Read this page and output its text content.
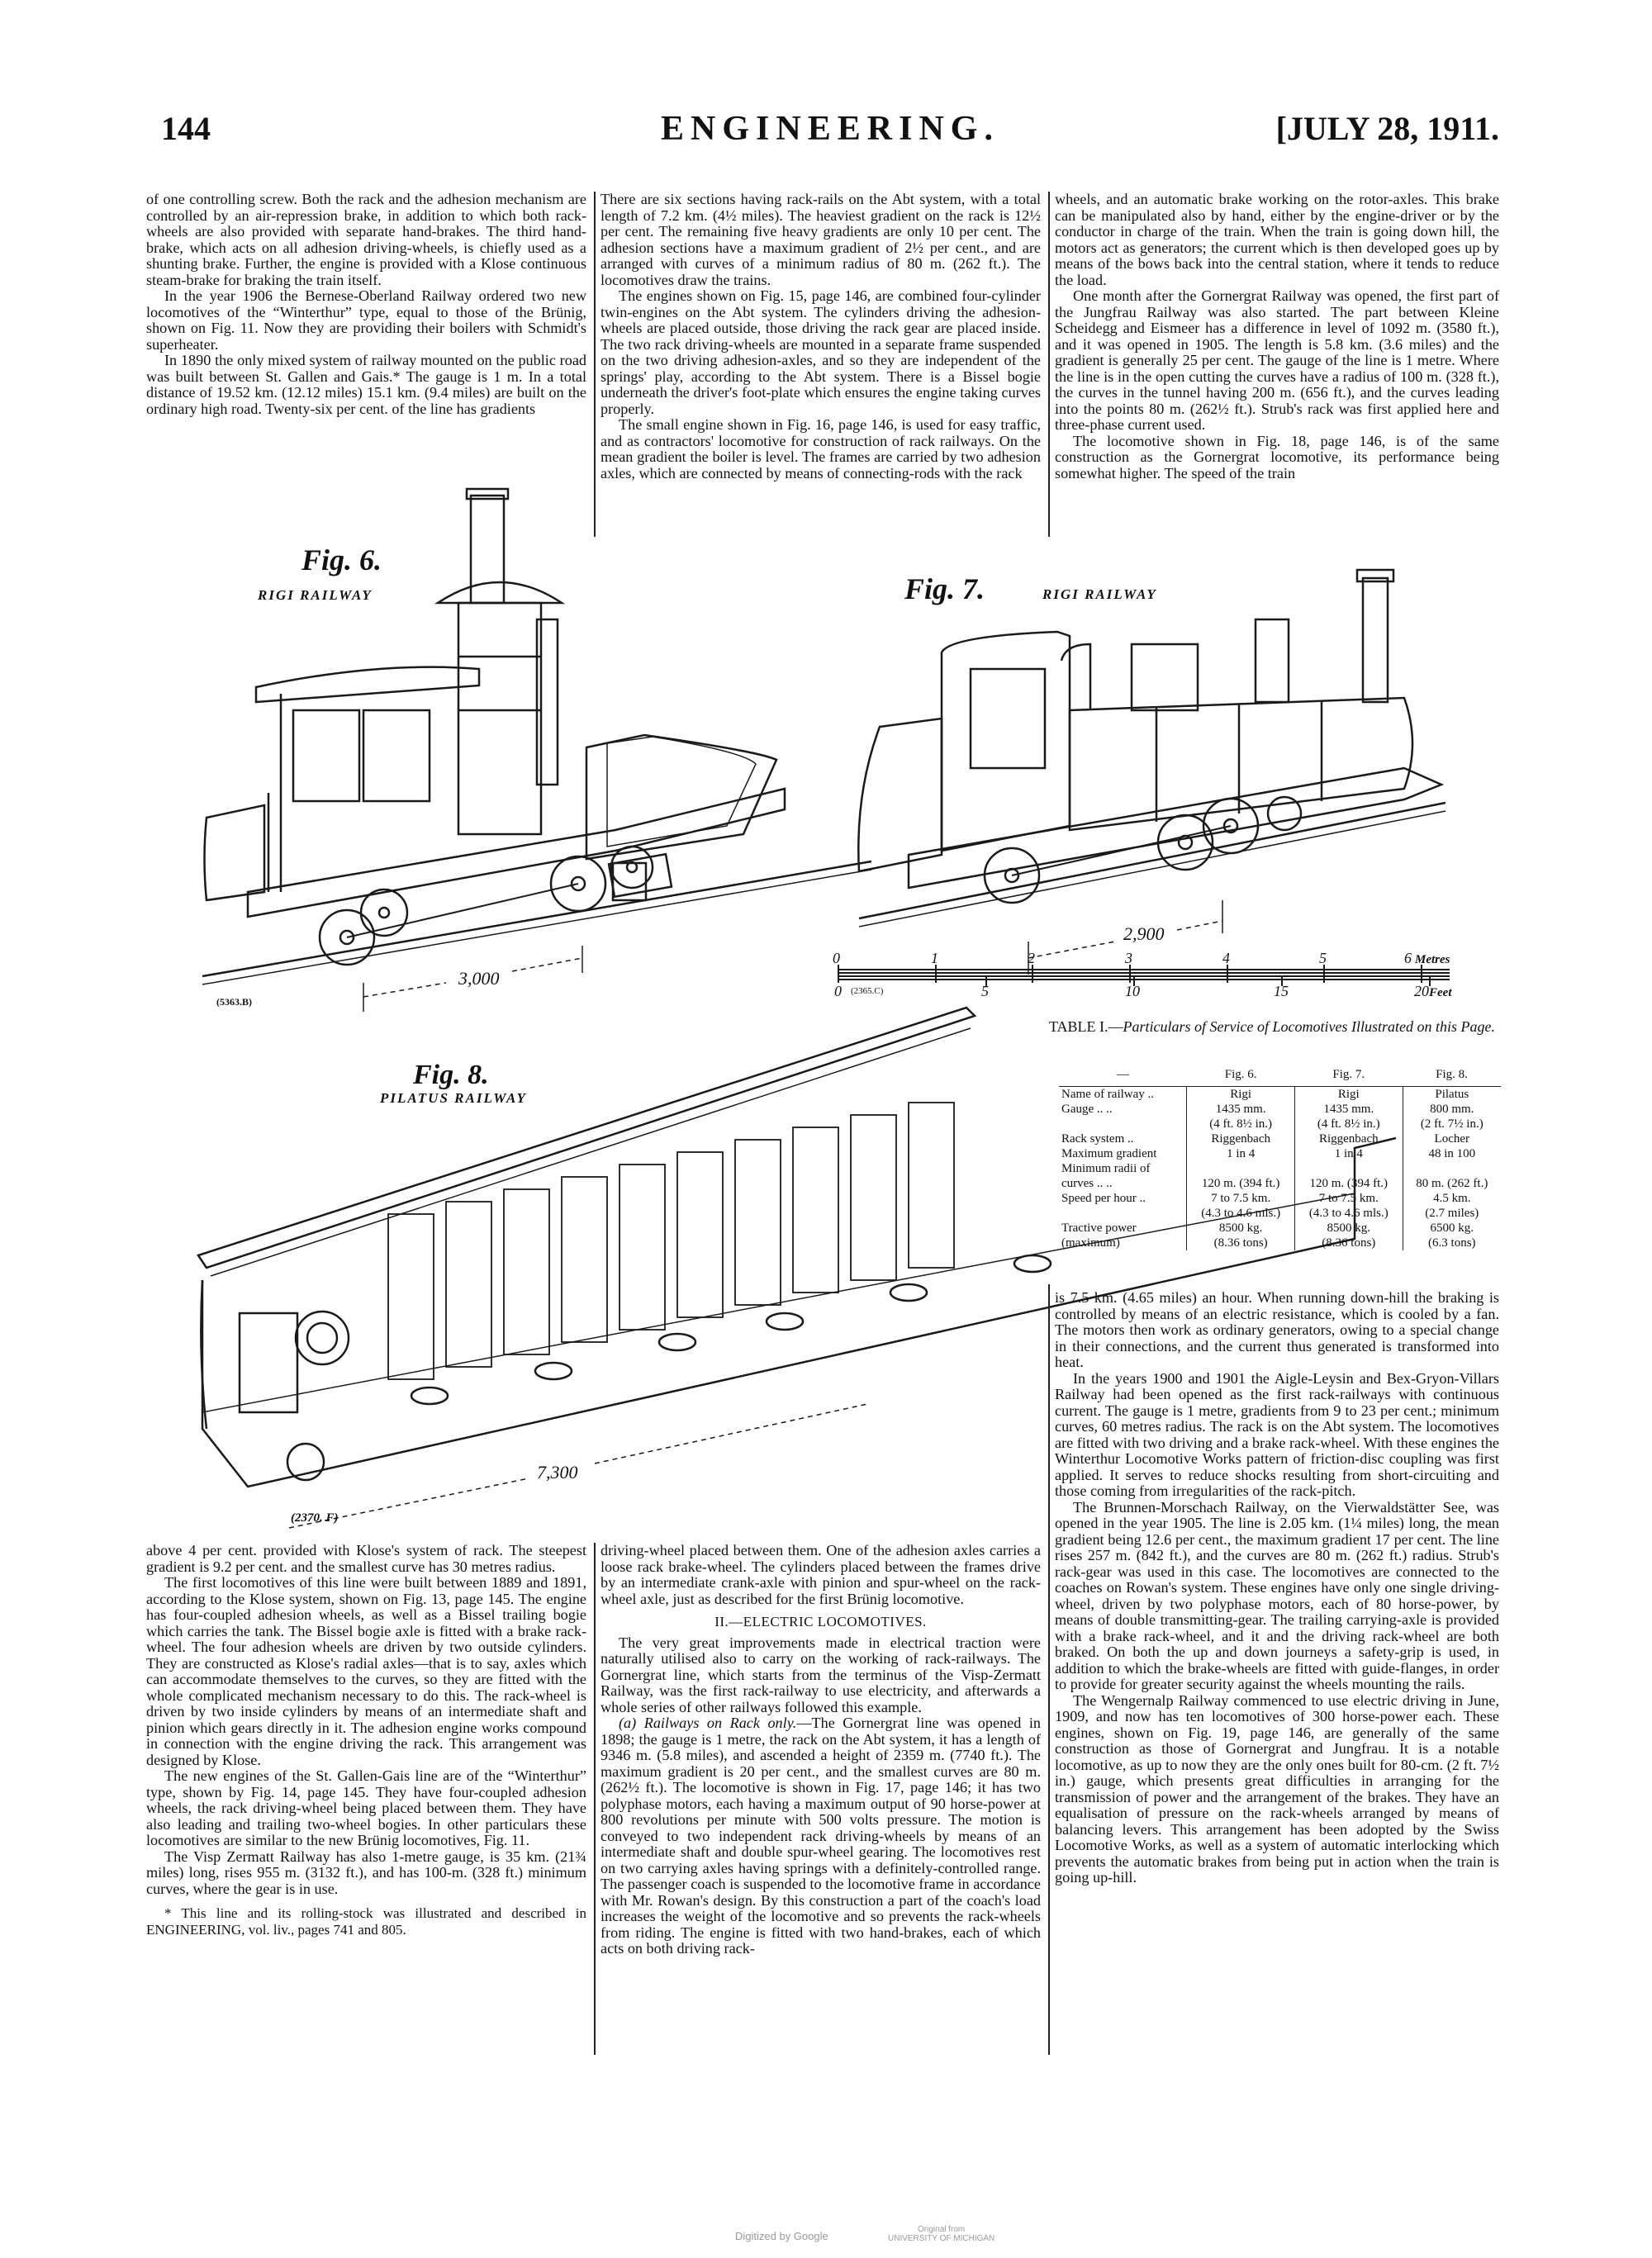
144	ENGINEERING.	[JULY 28, 1911.

of one controlling screw. Both the rack and the adhesion mechanism are controlled by an air-repression brake, in addition to which both rack-wheels are also provided with separate hand-brakes. The third hand-brake, which acts on all adhesion driving-wheels, is chiefly used as a shunting brake. Further, the engine is provided with a Klose continuous steam-brake for braking the train itself.

In the year 1906 the Bernese-Oberland Railway ordered two new locomotives of the “Winterthur” type, equal to those of the Brünig, shown on Fig. 11. Now they are providing their boilers with Schmidt's superheater.

In 1890 the only mixed system of railway mounted on the public road was built between St. Gallen and Gais.* The gauge is 1 m. In a total distance of 19.52 km. (12.12 miles) 15.1 km. (9.4 miles) are built on the ordinary high road. Twenty-six per cent. of the line has gradients

There are six sections having rack-rails on the Abt system, with a total length of 7.2 km. (4½ miles). The heaviest gradient on the rack is 12½ per cent. The remaining five heavy gradients are only 10 per cent. The adhesion sections have a maximum gradient of 2½ per cent., and are arranged with curves of a minimum radius of 80 m. (262 ft.). The locomotives draw the trains.

The engines shown on Fig. 15, page 146, are combined four-cylinder twin-engines on the Abt system. The cylinders driving the adhesion-wheels are placed outside, those driving the rack gear are placed inside. The two rack driving-wheels are mounted in a separate frame suspended on the two driving adhesion-axles, and so they are independent of the springs' play, according to the Abt system. There is a Bissel bogie underneath the driver's foot-plate which ensures the engine taking curves properly.

The small engine shown in Fig. 16, page 146, is used for easy traffic, and as contractors' locomotive for construction of rack railways. On the mean gradient the boiler is level. The frames are carried by two adhesion axles, which are connected by means of connecting-rods with the rack

wheels, and an automatic brake working on the rotor-axles. This brake can be manipulated also by hand, either by the engine-driver or by the conductor in charge of the train. When the train is going down hill, the motors act as generators; the current which is then developed goes up by means of the bows back into the central station, where it tends to reduce the load.

One month after the Gornergrat Railway was opened, the first part of the Jungfrau Railway was also started. The part between Kleine Scheidegg and Eismeer has a difference in level of 1092 m. (3580 ft.), and it was opened in 1905. The length is 5.8 km. (3.6 miles) and the gradient is generally 25 per cent. The gauge of the line is 1 metre. Where the line is in the open cutting the curves have a radius of 100 m. (328 ft.), the curves in the tunnel having 200 m. (656 ft.), and the curves leading into the points 80 m. (262½ ft.). Strub's rack was first applied here and three-phase current used.

The locomotive shown in Fig. 18, page 146, is of the same construction as the Gornergrat locomotive, its performance being somewhat higher. The speed of the train

Fig. 6.
RIGI RAILWAY
3,000
(5363.B)
Fig. 7.	RIGI RAILWAY
2,900
0	1	2	3	4	5	6 Metres
0	5	10	15	20 Feet
(2365.C)
Fig. 8.
PILATUS RAILWAY
7,300
(2370. F)
TABLE I.—Particulars of Service of Locomotives Illustrated on this Page.
—	Fig. 6.	Fig. 7.	Fig. 8.
Name of railway ..	Rigi	Rigi	Pilatus
Gauge .. ..	1435 mm.	1435 mm.	800 mm.
	(4 ft. 8½ in.)	(4 ft. 8½ in.)	(2 ft. 7½ in.)
Rack system ..	Riggenbach	Riggenbach	Locher
Maximum gradient	1 in 4	1 in 4	48 in 100
Minimum radii of			
curves .. ..	120 m. (394 ft.)	120 m. (394 ft.)	80 m. (262 ft.)
Speed per hour ..	7 to 7.5 km.	7 to 7.5 km.	4.5 km.
	(4.3 to 4.6 mls.)	(4.3 to 4.6 mls.)	(2.7 miles)
Tractive power	8500 kg.	8500 kg.	6500 kg.
(maximum)	(8.36 tons)	(8.36 tons)	(6.3 tons)

above 4 per cent. provided with Klose's system of rack. The steepest gradient is 9.2 per cent. and the smallest curve has 30 metres radius.

The first locomotives of this line were built between 1889 and 1891, according to the Klose system, shown on Fig. 13, page 145. The engine has four-coupled adhesion wheels, as well as a Bissel trailing bogie which carries the tank. The Bissel bogie axle is fitted with a brake rack-wheel. The four adhesion wheels are driven by two outside cylinders. They are constructed as Klose's radial axles—that is to say, axles which can accommodate themselves to the curves, so they are fitted with the whole complicated mechanism necessary to do this. The rack-wheel is driven by two inside cylinders by means of an intermediate shaft and pinion which gears directly in it. The adhesion engine works compound in connection with the engine driving the rack. This arrangement was designed by Klose.

The new engines of the St. Gallen-Gais line are of the “Winterthur” type, shown by Fig. 14, page 145. They have four-coupled adhesion wheels, the rack driving-wheel being placed between them. They have also leading and trailing two-wheel bogies. In other particulars these locomotives are similar to the new Brünig locomotives, Fig. 11.

The Visp Zermatt Railway has also 1-metre gauge, is 35 km. (21¾ miles) long, rises 955 m. (3132 ft.), and has 100-m. (328 ft.) minimum curves, where the gear is in use.

* This line and its rolling-stock was illustrated and described in ENGINEERING, vol. liv., pages 741 and 805.

driving-wheel placed between them. One of the adhesion axles carries a loose rack brake-wheel. The cylinders placed between the frames drive by an intermediate crank-axle with pinion and spur-wheel on the rack-wheel axle, just as described for the first Brünig locomotive.

II.—ELECTRIC LOCOMOTIVES.

The very great improvements made in electrical traction were naturally utilised also to carry on the working of rack-railways. The Gornergrat line, which starts from the terminus of the Visp-Zermatt Railway, was the first rack-railway to use electricity, and afterwards a whole series of other railways followed this example.

(a) Railways on Rack only.—The Gornergrat line was opened in 1898; the gauge is 1 metre, the rack on the Abt system, it has a length of 9346 m. (5.8 miles), and ascended a height of 2359 m. (7740 ft.). The maximum gradient is 20 per cent., and the smallest curves are 80 m. (262½ ft.). The locomotive is shown in Fig. 17, page 146; it has two polyphase motors, each having a maximum output of 90 horse-power at 800 revolutions per minute with 500 volts pressure. The motion is conveyed to two independent rack driving-wheels by means of an intermediate shaft and double spur-wheel gearing. The locomotives rest on two carrying axles having springs with a definitely-controlled range. The passenger coach is suspended to the locomotive frame in accordance with Mr. Rowan's design. By this construction a part of the coach's load increases the weight of the locomotive and so prevents the rack-wheels from riding. The engine is fitted with two hand-brakes, each of which acts on both driving rack-

is 7.5 km. (4.65 miles) an hour. When running down-hill the braking is controlled by means of an electric resistance, which is cooled by a fan. The motors then work as ordinary generators, owing to a special change in their connections, and the current thus generated is transformed into heat.

In the years 1900 and 1901 the Aigle-Leysin and Bex-Gryon-Villars Railway had been opened as the first rack-railways with continuous current. The gauge is 1 metre, gradients from 9 to 23 per cent.; minimum curves, 60 metres radius. The rack is on the Abt system. The locomotives are fitted with two driving and a brake rack-wheel. With these engines the Winterthur Locomotive Works pattern of friction-disc coupling was first applied. It serves to reduce shocks resulting from short-circuiting and those coming from irregularities of the rack-pitch.

The Brunnen-Morschach Railway, on the Vierwaldstätter See, was opened in the year 1905. The line is 2.05 km. (1¼ miles) long, the mean gradient being 12.6 per cent., the maximum gradient 17 per cent. The line rises 257 m. (842 ft.), and the curves are 80 m. (262 ft.) radius. Strub's rack-gear was used in this case. The locomotives are connected to the coaches on Rowan's system. These engines have only one single driving-wheel, driven by two polyphase motors, each of 80 horse-power, by means of double transmitting-gear. The trailing carrying-axle is provided with a brake rack-wheel, and it and the driving rack-wheel are both braked. On both the up and down journeys a safety-grip is used, in addition to which the brake-wheels are fitted with guide-flanges, in order to provide for greater security against the wheels mounting the rails.

The Wengernalp Railway commenced to use electric driving in June, 1909, and now has ten locomotives of 300 horse-power each. These engines, shown on Fig. 19, page 146, are generally of the same construction as those of Gornergrat and Jungfrau. It is a notable locomotive, as up to now they are the only ones built for 80-cm. (2 ft. 7½ in.) gauge, which presents great difficulties in arranging for the transmission of power and the arrangement of the brakes. They have an equalisation of pressure on the rack-wheels arranged by means of balancing levers. This arrangement has been adopted by the Swiss Locomotive Works, as well as a system of automatic interlocking which prevents the automatic brakes from being put in action when the train is going up-hill.

Digitized by Google
Original from
UNIVERSITY OF MICHIGAN
